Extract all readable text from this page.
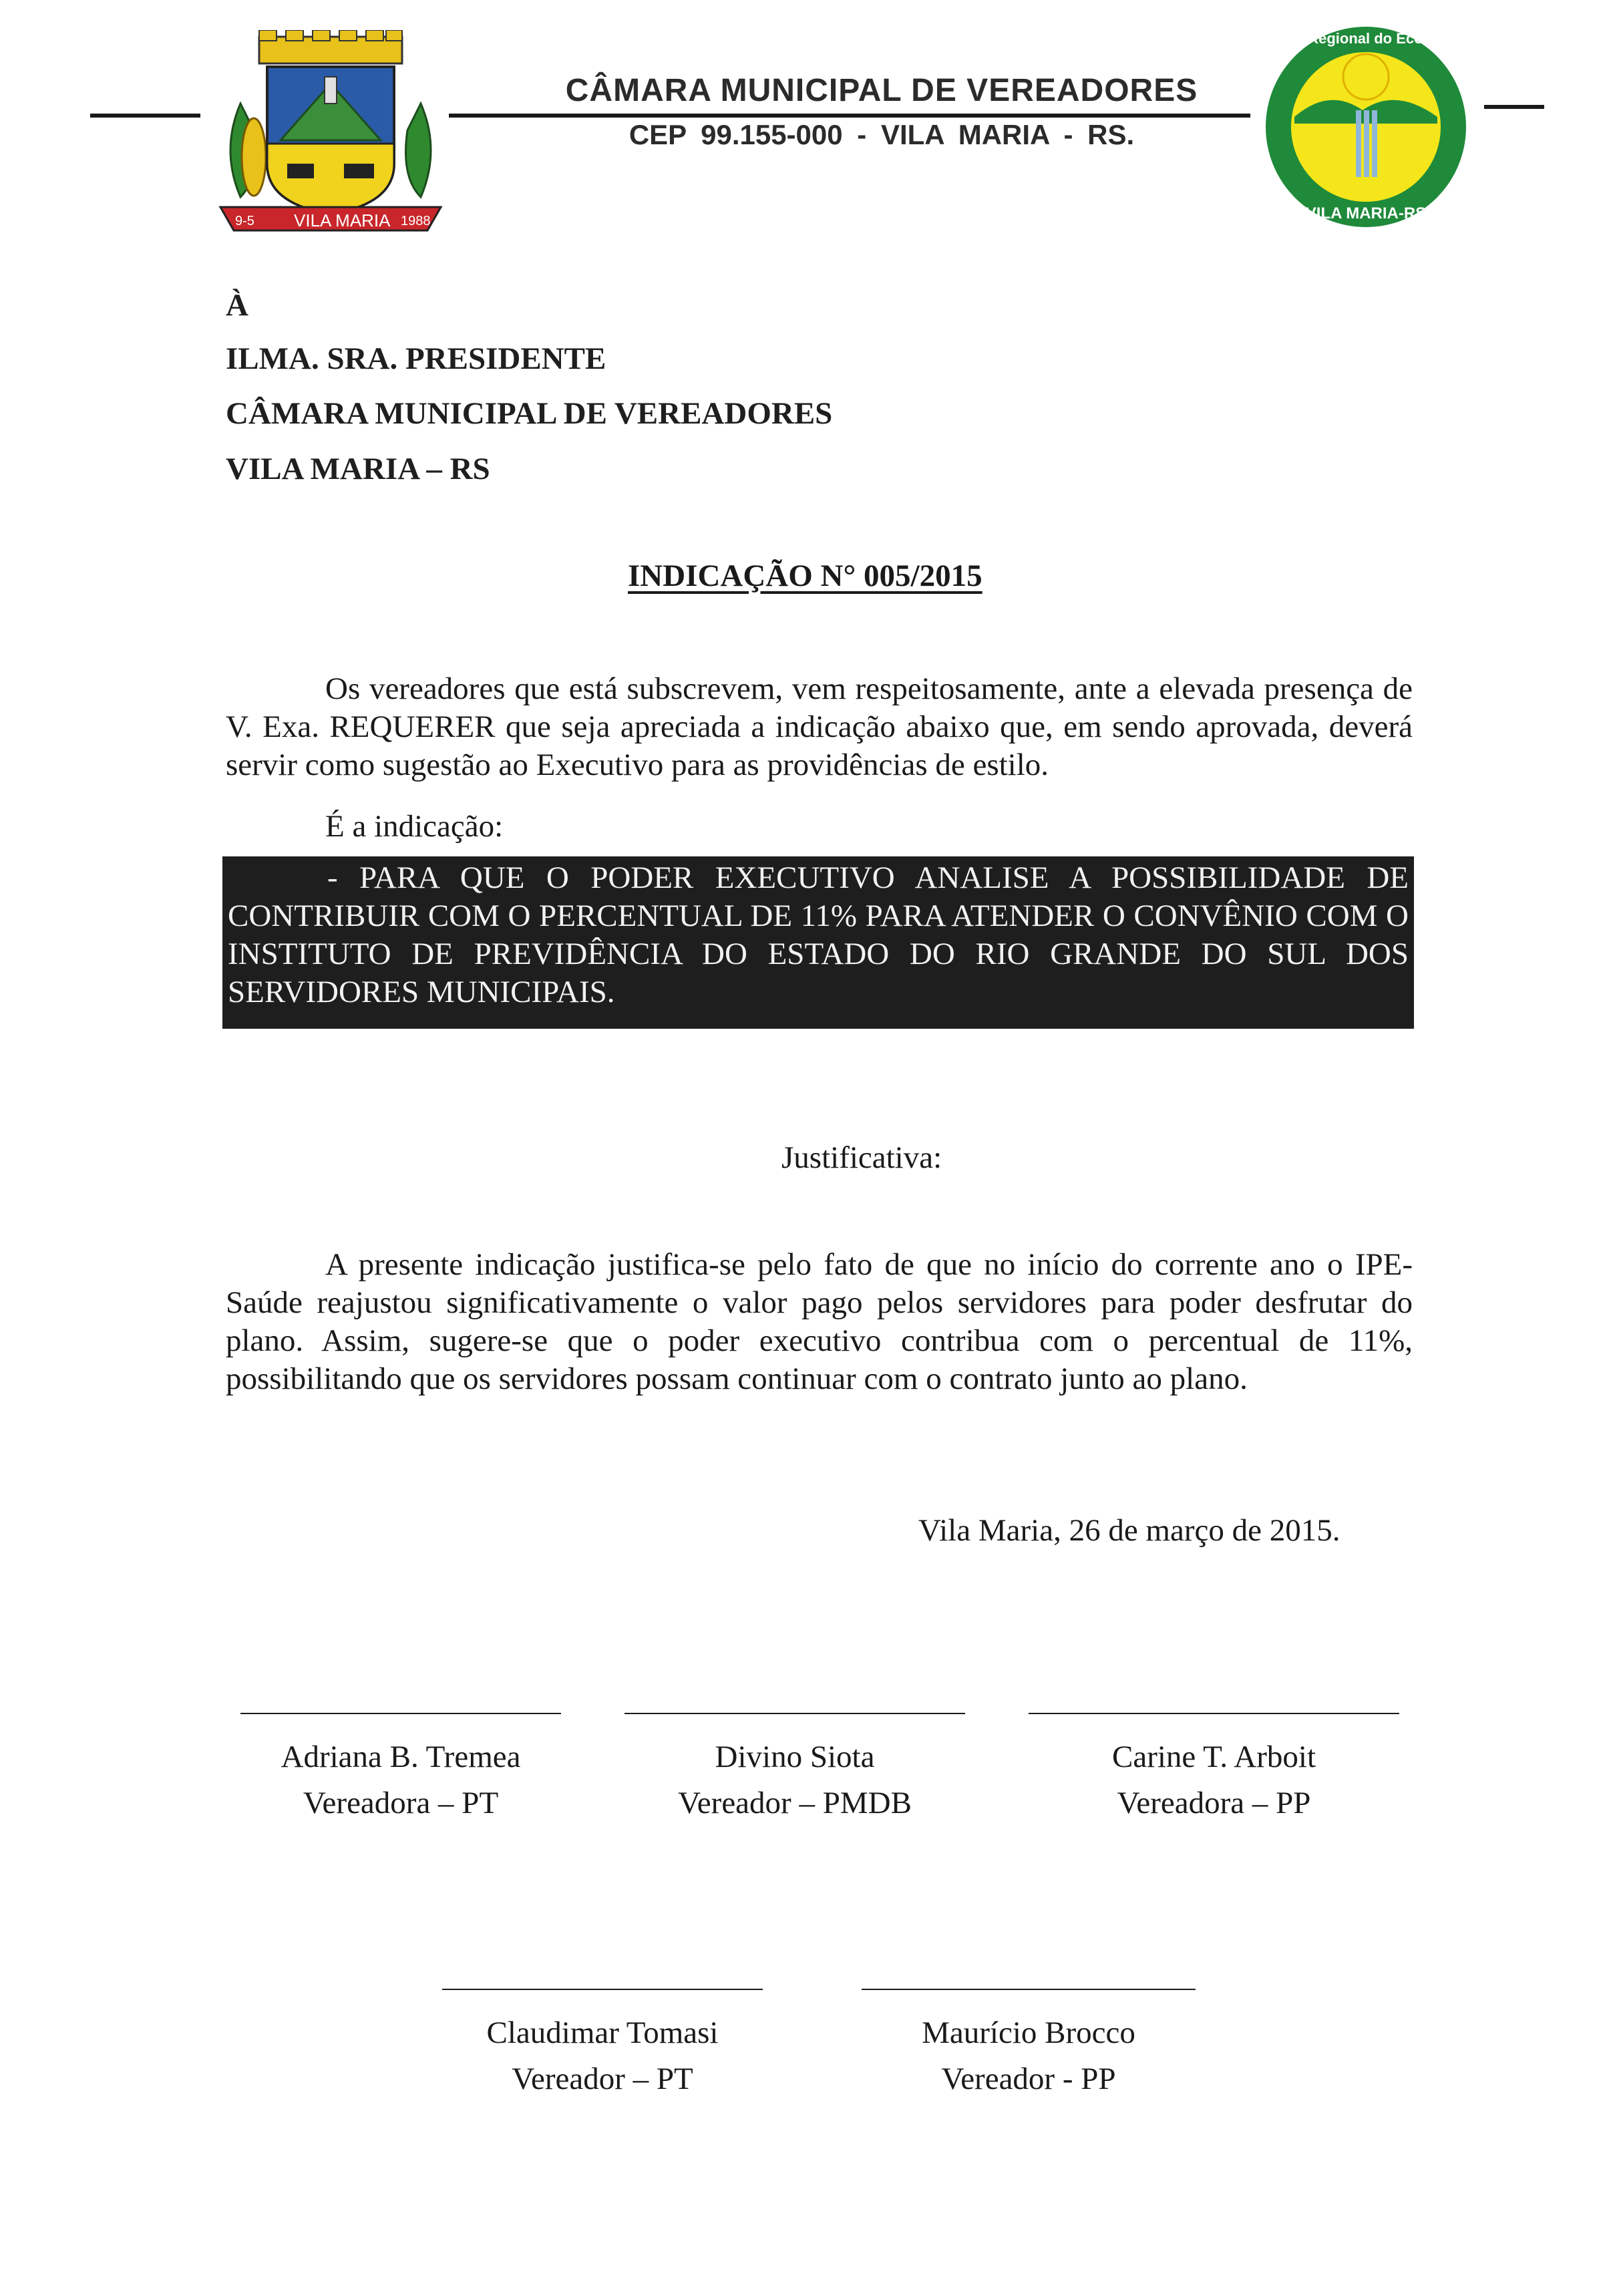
9-5 VILA MARIA 1988
CÂMARA MUNICIPAL DE VEREADORES
CEP 99.155-000 - VILA MARIA - RS.
Capital Regional do Ecoturismo
VILA MARIA-RS
À
ILMA. SRA. PRESIDENTE
CÂMARA MUNICIPAL DE VEREADORES
VILA MARIA – RS
INDICAÇÃO N° 005/2015
Os vereadores que está subscrevem, vem respeitosamente, ante a elevada presença de V. Exa. REQUERER que seja apreciada a indicação abaixo que, em sendo aprovada, deverá servir como sugestão ao Executivo para as providências de estilo.
É a indicação:
- PARA QUE O PODER EXECUTIVO ANALISE A POSSIBILIDADE DE CONTRIBUIR COM O PERCENTUAL DE 11% PARA ATENDER O CONVÊNIO COM O INSTITUTO DE PREVIDÊNCIA DO ESTADO DO RIO GRANDE DO SUL DOS SERVIDORES MUNICIPAIS.
Justificativa:
A presente indicação justifica-se pelo fato de que no início do corrente ano o IPE-Saúde reajustou significativamente o valor pago pelos servidores para poder desfrutar do plano. Assim, sugere-se que o poder executivo contribua com o percentual de 11%, possibilitando que os servidores possam continuar com o contrato junto ao plano.
Vila Maria, 26 de março de 2015.
Adriana B. Tremea
Vereadora – PT
Divino Siota
Vereador – PMDB
Carine T. Arboit
Vereadora – PP
Claudimar Tomasi
Vereador – PT
Maurício Brocco
Vereador - PP
